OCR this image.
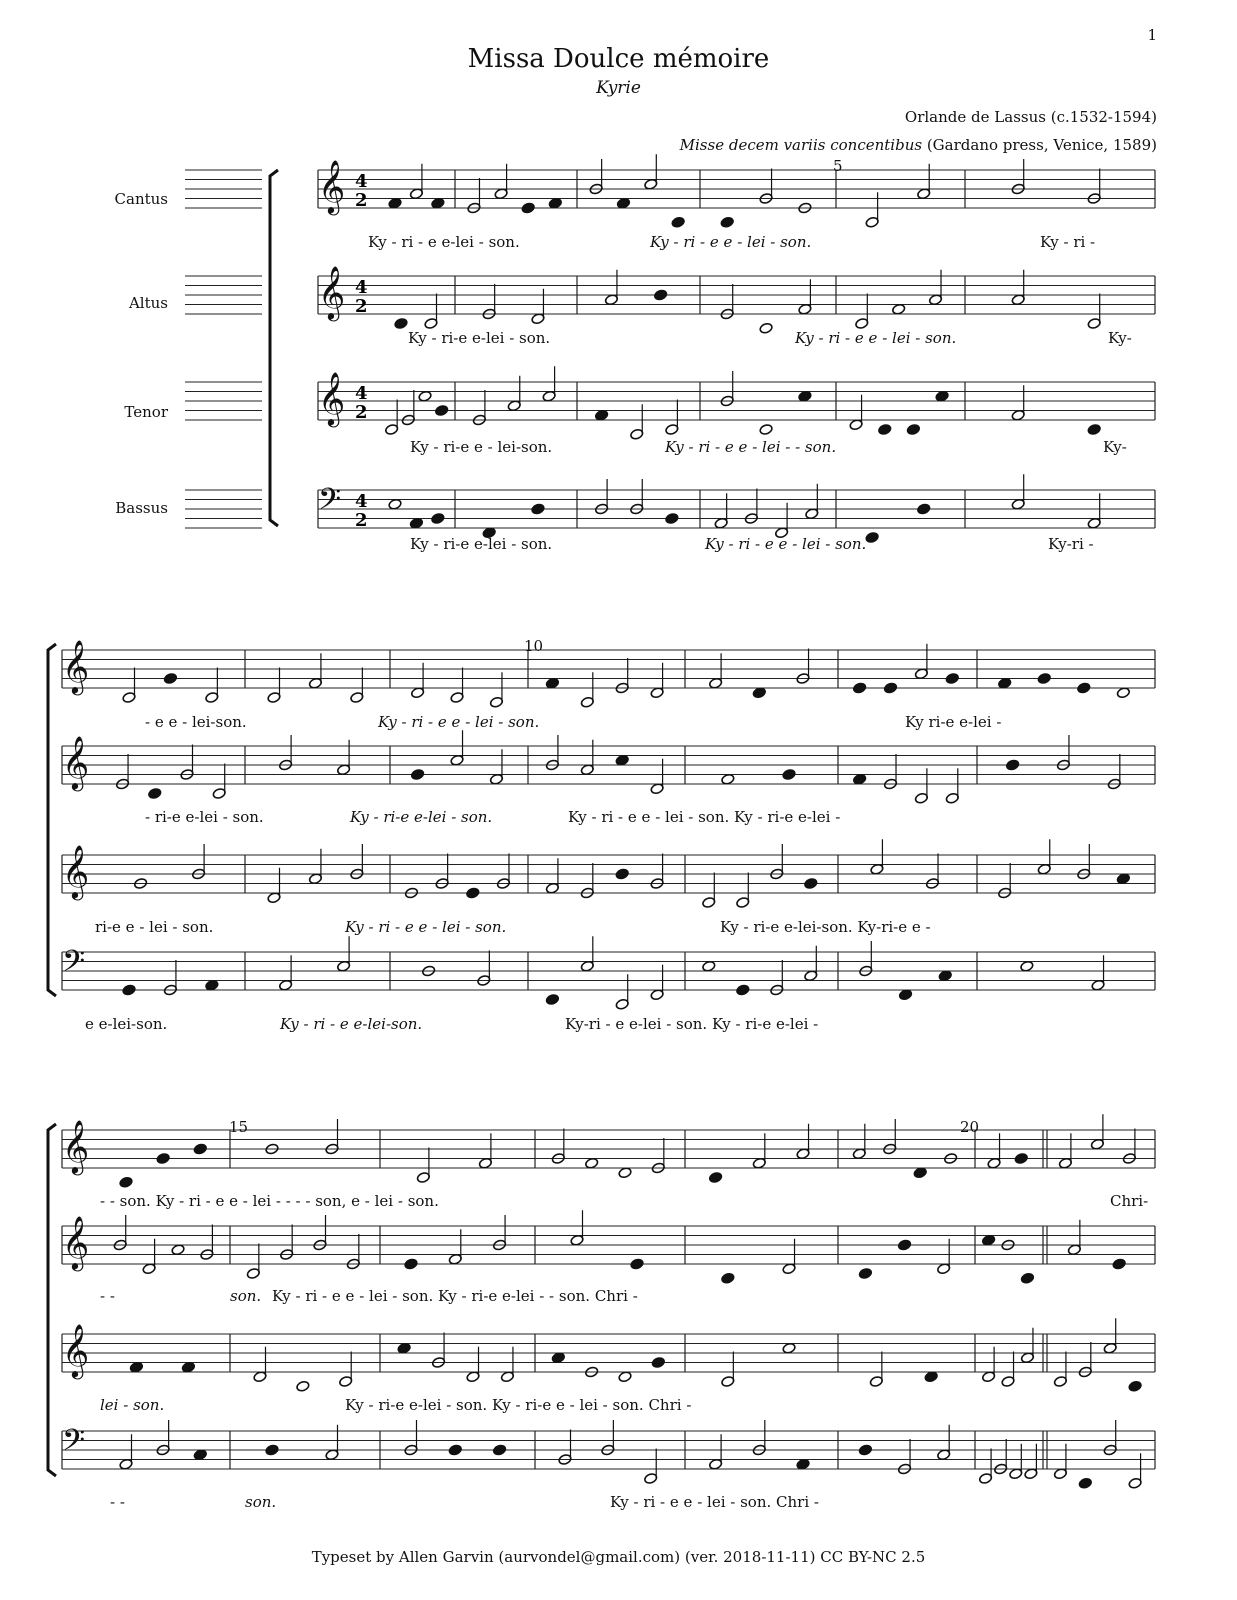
1
Missa Doulce mémoire
Kyrie
Orlande de Lassus (c.1532-1594)
Misse decem variis concentibus (Gardano press, Venice, 1589)
Cantus
Altus
Tenor
Bassus
𝄞 4
2
𝄞 4
2
𝄞 4
2
𝄢 4
2
𝄞
𝄞
𝄞
𝄢
𝄞
𝄞
𝄞
𝄢
5
10
15	20
Ky - ri - e e-lei - son.	Ky - ri - e e - lei - son.	Ky - ri -
Ky - ri-e e-lei - son.	Ky - ri - e e - lei - son.	Ky-
Ky - ri-e e - lei-son.	Ky - ri - e e - lei - - son.	Ky-
Ky - ri-e e-lei - son.	Ky - ri - e e - lei - son.	Ky-ri -
- e e - lei-son.	Ky - ri - e e - lei - son.	Ky ri-e e-lei -
- ri-e e-lei - son.	Ky - ri-e e-lei - son.	Ky - ri - e e - lei - son. Ky - ri-e e-lei -
ri-e e - lei - son.	Ky - ri - e e - lei - son.	Ky - ri-e e-lei-son. Ky-ri-e e -
e e-lei-son.	Ky - ri - e e-lei-son.	Ky-ri - e e-lei - son. Ky - ri-e e-lei -
- - son. Ky - ri - e e - lei - - - - son, e - lei - son.	Chri-
- -	son. Ky - ri - e e - lei - son. Ky - ri-e e-lei - - son. Chri -
lei - son.	Ky - ri-e e-lei - son. Ky - ri-e e - lei - son. Chri -
- -	son.	Ky - ri - e e - lei - son. Chri -
Typeset by Allen Garvin (aurvondel@gmail.com) (ver. 2018-11-11) CC BY-NC 2.5
